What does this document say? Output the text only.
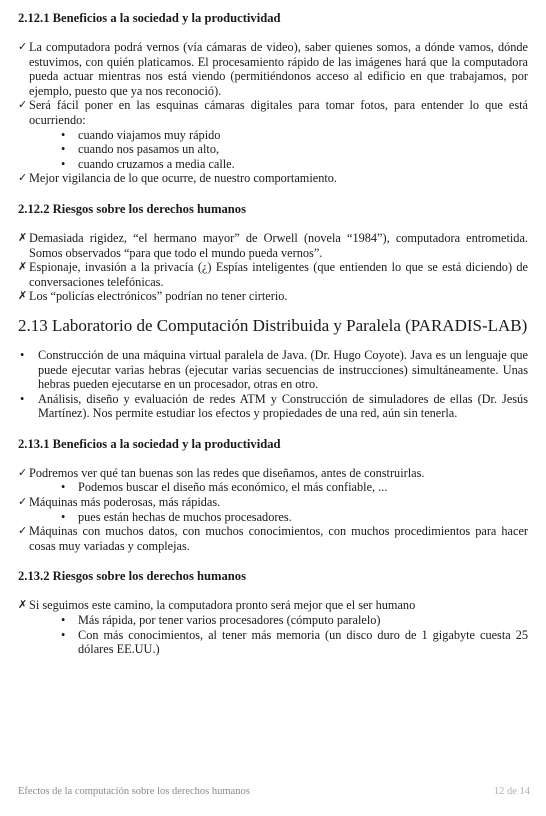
2.12.1 Beneficios a la sociedad y la productividad
✓ La computadora podrá vernos (vía cámaras de video), saber quienes somos, a dónde vamos, dónde estuvimos, con quién platicamos. El procesamiento rápido de las imágenes hará que la computadora pueda actuar mientras nos está viendo (permitiéndonos acceso al edificio en que trabajamos, por ejemplo, puesto que ya nos reconoció).

✓ Será fácil poner en las esquinas cámaras digitales para tomar fotos, para entender lo que está ocurriendo:

• cuando viajamos muy rápido
• cuando nos pasamos un alto,
• cuando cruzamos a media calle.
✓ Mejor vigilancia de lo que ocurre, de nuestro comportamiento.

2.12.2 Riesgos sobre los derechos humanos
✗ Demasiada rigidez, “el hermano mayor” de Orwell (novela “1984”), computadora entrometida. Somos observados “para que todo el mundo pueda vernos”.

✗ Espionaje, invasión a la privacía (¿) Espías inteligentes (que entienden lo que se está diciendo) de conversaciones telefónicas.

✗ Los “policías electrónicos” podrían no tener cirterio.

2.13 Laboratorio de Computación Distribuida y Paralela (PARADIS-LAB)
• Construcción de una máquina virtual paralela de Java. (Dr. Hugo Coyote). Java es un lenguaje que puede ejecutar varias hebras (ejecutar varias secuencias de instrucciones) simultáneamente. Unas hebras pueden ejecutarse en un procesador, otras en otro.

• Análisis, diseño y evaluación de redes ATM y Construcción de simuladores de ellas (Dr. Jesús Martínez). Nos permite estudiar los efectos y propiedades de una red, aún sin tenerla.

2.13.1 Beneficios a la sociedad y la productividad
✓ Podremos ver qué tan buenas son las redes que diseñamos, antes de construirlas.

• Podemos buscar el diseño más económico, el más confiable, ...
✓ Máquinas más poderosas, más rápidas.

• pues están hechas de muchos procesadores.
✓ Máquinas con muchos datos, con muchos conocimientos, con muchos procedimientos para hacer cosas muy variadas y complejas.

2.13.2 Riesgos sobre los derechos humanos
✗ Si seguimos este camino, la computadora pronto será mejor que el ser humano

• Más rápida, por tener varios procesadores (cómputo paralelo)
• Con más conocimientos, al tener más memoria (un disco duro de 1 gigabyte cuesta 25 dólares EE.UU.)

Efectos de la computación sobre los derechos humanos	12 de 14
